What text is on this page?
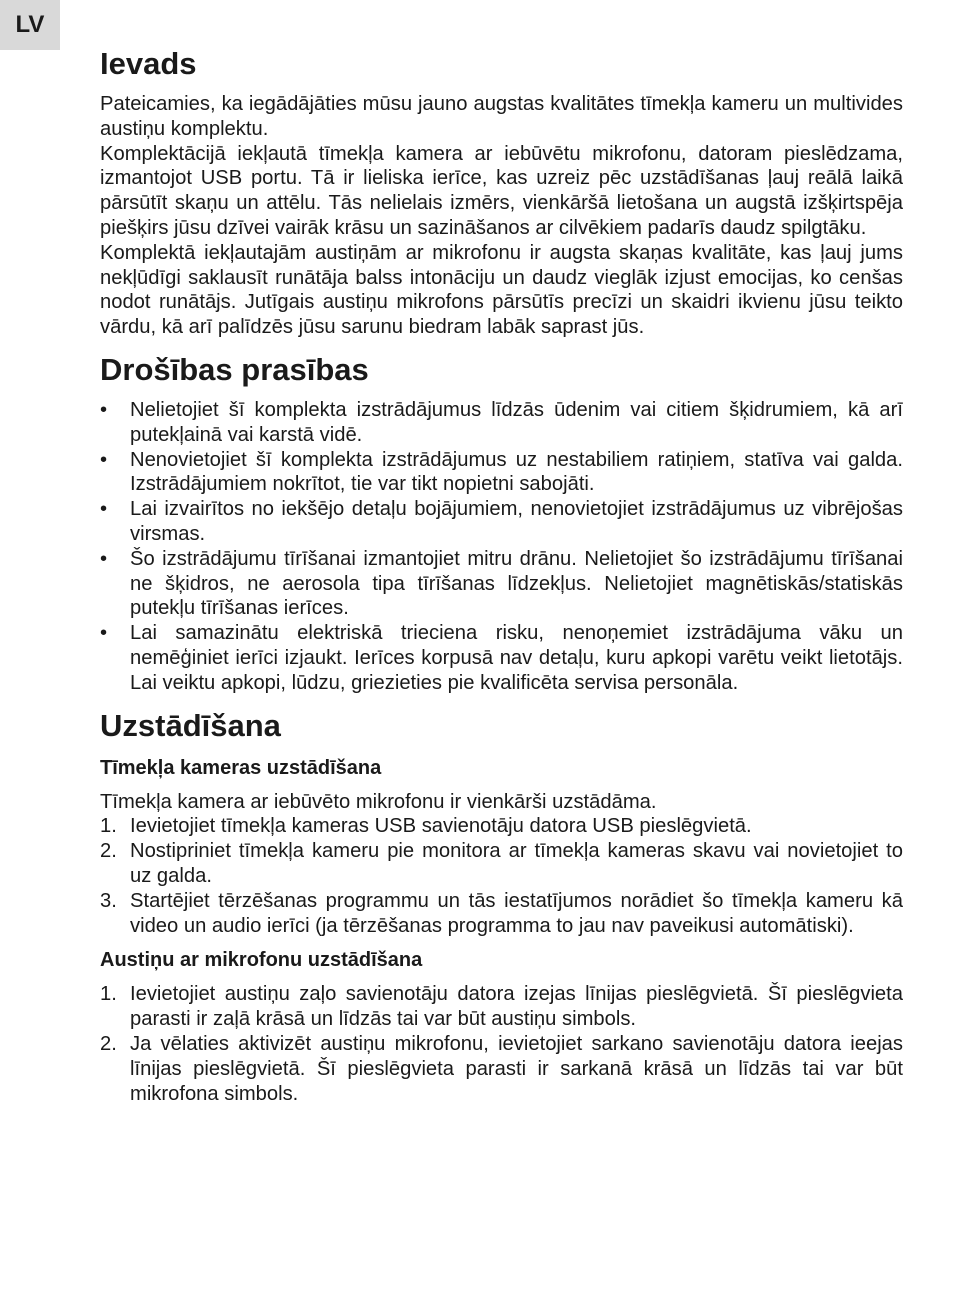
LV
Ievads

Pateicamies, ka iegādājāties mūsu jauno augstas kvalitātes tīmekļa kameru un multivides austiņu komplektu.

Komplektācijā iekļautā tīmekļa kamera ar iebūvētu mikrofonu, datoram pieslēdzama, izmantojot USB portu. Tā ir lieliska ierīce, kas uzreiz pēc uzstādīšanas ļauj reālā laikā pārsūtīt skaņu un attēlu. Tās nelielais izmērs, vienkāršā lietošana un augstā izšķirtspēja piešķirs jūsu dzīvei vairāk krāsu un sazināšanos ar cilvēkiem padarīs daudz spilgtāku.

Komplektā iekļautajām austiņām ar mikrofonu ir augsta skaņas kvalitāte, kas ļauj jums nekļūdīgi saklausīt runātāja balss intonāciju un daudz vieglāk izjust emocijas, ko cenšas nodot runātājs. Jutīgais austiņu mikrofons pārsūtīs precīzi un skaidri ikvienu jūsu teikto vārdu, kā arī palīdzēs jūsu sarunu biedram labāk saprast jūs.

Drošības prasības
• Nelietojiet šī komplekta izstrādājumus līdzās ūdenim vai citiem šķidrumiem, kā arī putekļainā vai karstā vidē.
• Nenovietojiet šī komplekta izstrādājumus uz nestabiliem ratiņiem, statīva vai galda. Izstrādājumiem nokrītot, tie var tikt nopietni sabojāti.
• Lai izvairītos no iekšējo detaļu bojājumiem, nenovietojiet izstrādājumus uz vibrējošas virsmas.
• Šo izstrādājumu tīrīšanai izmantojiet mitru drānu. Nelietojiet šo izstrādājumu tīrīšanai ne šķidros, ne aerosola tipa tīrīšanas līdzekļus. Nelietojiet magnētiskās/statiskās putekļu tīrīšanas ierīces.
• Lai samazinātu elektriskā trieciena risku, nenoņemiet izstrādājuma vāku un nemēģiniet ierīci izjaukt. Ierīces korpusā nav detaļu, kuru apkopi varētu veikt lietotājs. Lai veiktu apkopi, lūdzu, griezieties pie kvalificēta servisa personāla.
Uzstādīšana
Tīmekļa kameras uzstādīšana

Tīmekļa kamera ar iebūvēto mikrofonu ir vienkārši uzstādāma.

1. Ievietojiet tīmekļa kameras USB savienotāju datora USB pieslēgvietā.
2. Nostipriniet tīmekļa kameru pie monitora ar tīmekļa kameras skavu vai novietojiet to uz galda.
3. Startējiet tērzēšanas programmu un tās iestatījumos norādiet šo tīmekļa kameru kā video un audio ierīci (ja tērzēšanas programma to jau nav paveikusi automātiski).
Austiņu ar mikrofonu uzstādīšana
1. Ievietojiet austiņu zaļo savienotāju datora izejas līnijas pieslēgvietā. Šī pieslēgvieta parasti ir zaļā krāsā un līdzās tai var būt austiņu simbols.
2. Ja vēlaties aktivizēt austiņu mikrofonu, ievietojiet sarkano savienotāju datora ieejas līnijas pieslēgvietā. Šī pieslēgvieta parasti ir sarkanā krāsā un līdzās tai var būt mikrofona simbols.
